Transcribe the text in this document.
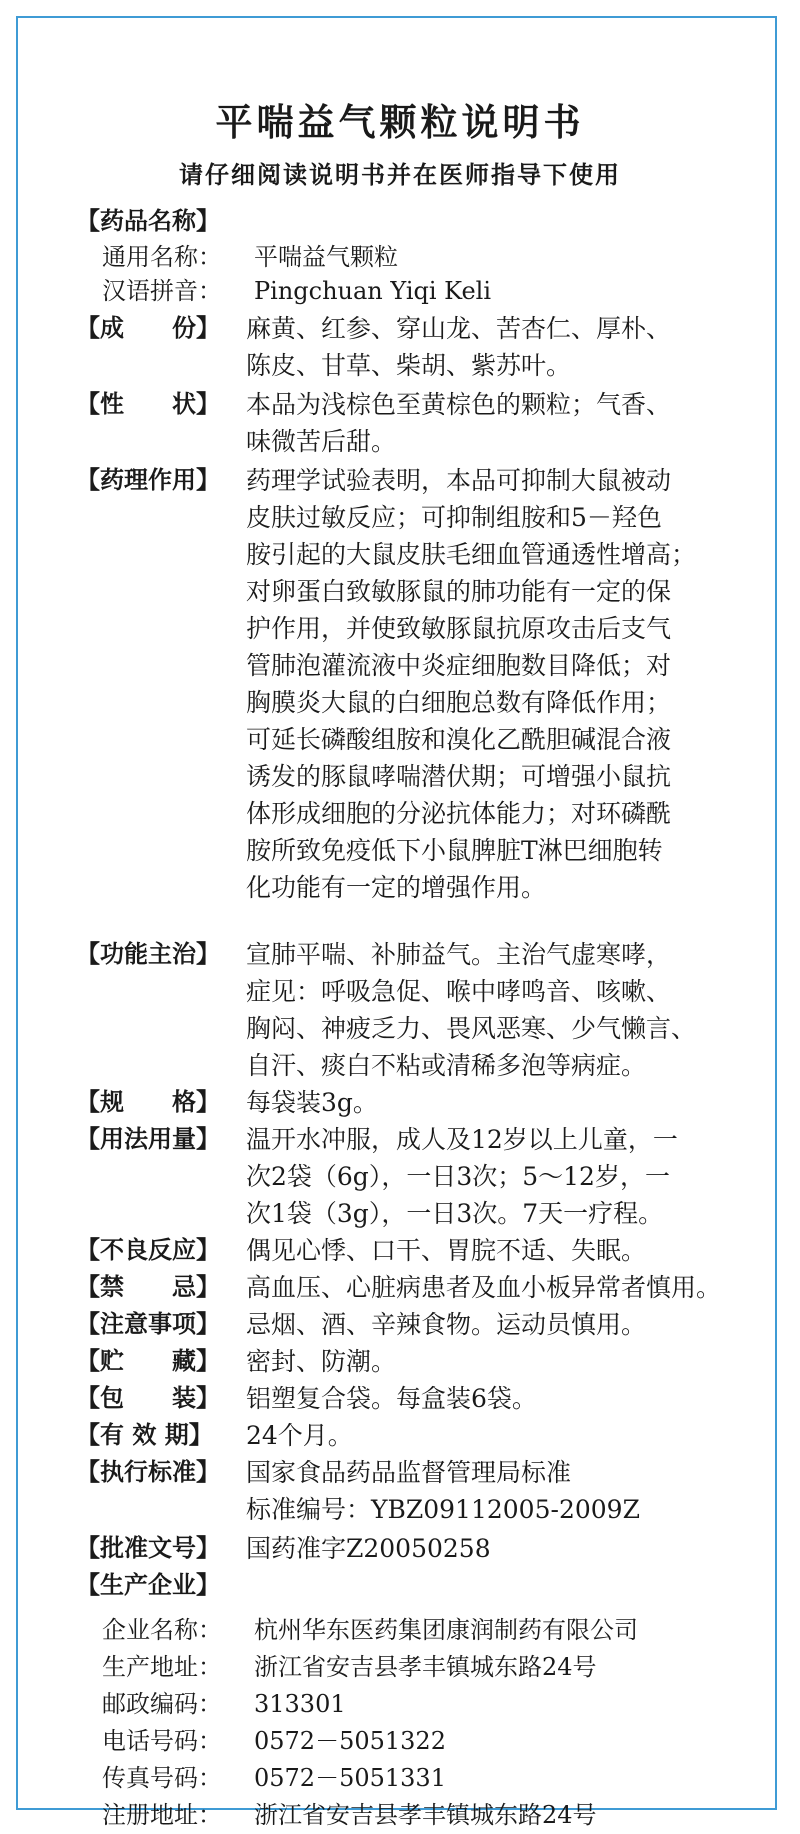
平喘益气颗粒说明书
请仔细阅读说明书并在医师指导下使用
【药品名称】
通用名称：	平喘益气颗粒
汉语拼音：	Pingchuan Yiqi Keli
【成　　份】	麻黄、红参、穿山龙、苦杏仁、厚朴、

陈皮、甘草、柴胡、紫苏叶。

【性　　状】	本品为浅棕色至黄棕色的颗粒；气香、

味微苦后甜。

【药理作用】	药理学试验表明，本品可抑制大鼠被动

皮肤过敏反应；可抑制组胺和5－羟色

胺引起的大鼠皮肤毛细血管通透性增高；

对卵蛋白致敏豚鼠的肺功能有一定的保

护作用，并使致敏豚鼠抗原攻击后支气

管肺泡灌流液中炎症细胞数目降低；对

胸膜炎大鼠的白细胞总数有降低作用；

可延长磷酸组胺和溴化乙酰胆碱混合液

诱发的豚鼠哮喘潜伏期；可增强小鼠抗

体形成细胞的分泌抗体能力；对环磷酰

胺所致免疫低下小鼠脾脏T淋巴细胞转

化功能有一定的增强作用。

【功能主治】	宣肺平喘、补肺益气。主治气虚寒哮，

症见：呼吸急促、喉中哮鸣音、咳嗽、

胸闷、神疲乏力、畏风恶寒、少气懒言、

自汗、痰白不粘或清稀多泡等病症。

【规　　格】	每袋装3g。

【用法用量】	温开水冲服，成人及12岁以上儿童，一

次2袋（6g），一日3次；5～12岁，一

次1袋（3g），一日3次。7天一疗程。

【不良反应】	偶见心悸、口干、胃脘不适、失眠。

【禁　　忌】	高血压、心脏病患者及血小板异常者慎用。

【注意事项】	忌烟、酒、辛辣食物。运动员慎用。

【贮　　藏】	密封、防潮。

【包　　装】	铝塑复合袋。每盒装6袋。

【有 效 期】	24个月。

【执行标准】	国家食品药品监督管理局标准

标准编号：YBZ09112005-2009Z

【批准文号】	国药准字Z20050258

【生产企业】
企业名称：	杭州华东医药集团康润制药有限公司
生产地址：	浙江省安吉县孝丰镇城东路24号
邮政编码：	313301
电话号码：	0572－5051322
传真号码：	0572－5051331
注册地址：	浙江省安吉县孝丰镇城东路24号
